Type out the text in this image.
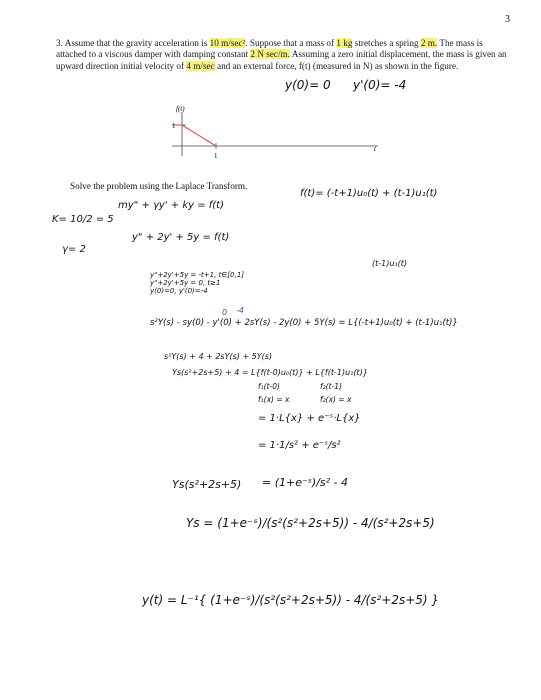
3
3. Assume that the gravity acceleration is 10 m/sec². Suppose that a mass of 1 kg stretches a spring 2 m. The mass is attached to a viscous damper with damping constant 2 N sec/m. Assuming a zero initial displacement, the mass is given an upward direction initial velocity of 4 m/sec and an external force, f(t) (measured in N) as shown in the figure.
y(0)= 0 y'(0)= -4
f(t)
t
1
1
Solve the problem using the Laplace Transform.
f(t)= (-t+1)u₀(t) + (t-1)u₁(t)
my" + γy' + ky = f(t)
K= 10/2 = 5
y" + 2y' + 5y = f(t)
γ= 2
(t-1)u₁(t)
y"+2y'+5y = -t+1, t∈[0,1]
y"+2y'+5y = 0, t≥1
y(0)=0, y'(0)=-4
0 -4
s²Y(s) - sy(0) - y'(0) + 2sY(s) - 2y(0) + 5Y(s) = L{(-t+1)u₀(t) + (t-1)u₁(t)}
s²Y(s) + 4 + 2sY(s) + 5Y(s)
Ys(s²+2s+5) + 4 = L{f(t-0)u₀(t)} + L{f(t-1)u₁(t)}
f₁(t-0)	f₂(t-1)
f₁(x) = x	f₂(x) = x
= 1·L{x} + e⁻ˢ·L{x}
= 1·1/s² + e⁻ˢ/s²
Ys(s²+2s+5) = (1+e⁻ˢ)/s² - 4
Ys = (1+e⁻ˢ)/(s²(s²+2s+5)) - 4/(s²+2s+5)
y(t) = L⁻¹{ (1+e⁻ˢ)/(s²(s²+2s+5)) - 4/(s²+2s+5) }
